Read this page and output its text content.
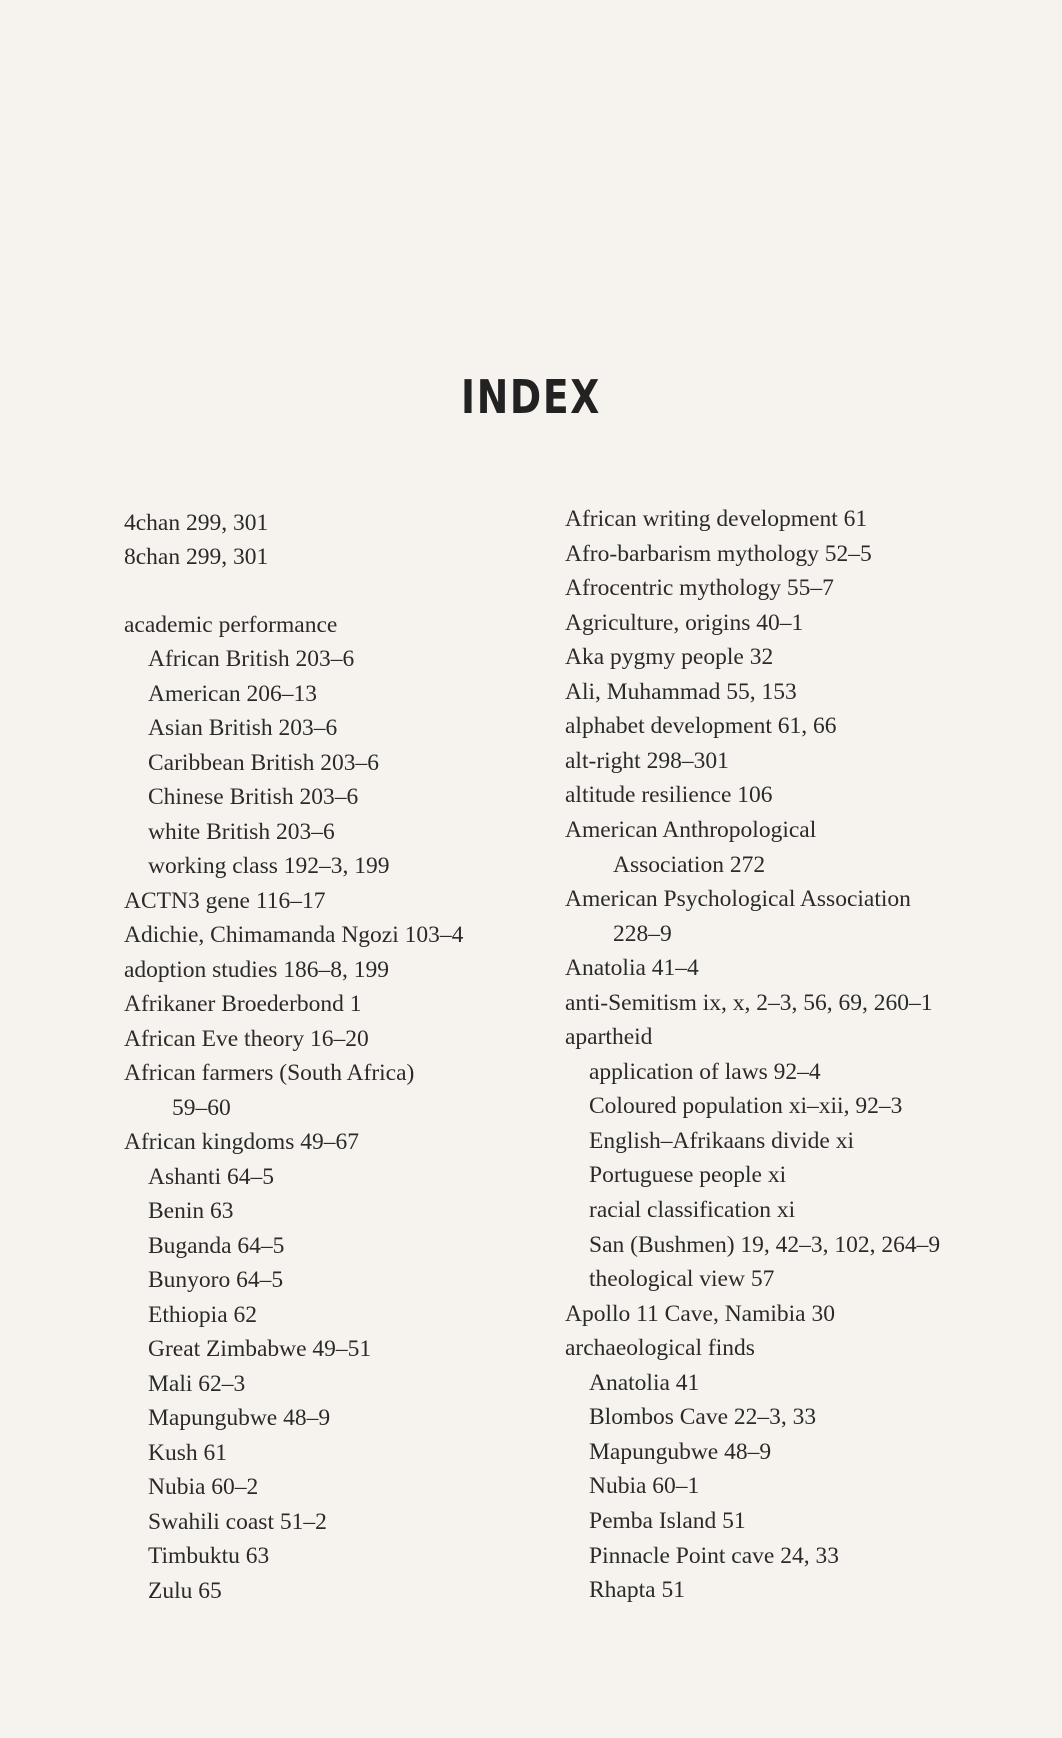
INDEX
4chan 299, 301
8chan 299, 301
academic performance
African British 203–6
American 206–13
Asian British 203–6
Caribbean British 203–6
Chinese British 203–6
white British 203–6
working class 192–3, 199
ACTN3 gene 116–17
Adichie, Chimamanda Ngozi 103–4
adoption studies 186–8, 199
Afrikaner Broederbond 1
African Eve theory 16–20
African farmers (South Africa)
59–60
African kingdoms 49–67
Ashanti 64–5
Benin 63
Buganda 64–5
Bunyoro 64–5
Ethiopia 62
Great Zimbabwe 49–51
Mali 62–3
Mapungubwe 48–9
Kush 61
Nubia 60–2
Swahili coast 51–2
Timbuktu 63
Zulu 65
African writing development 61
Afro-barbarism mythology 52–5
Afrocentric mythology 55–7
Agriculture, origins 40–1
Aka pygmy people 32
Ali, Muhammad 55, 153
alphabet development 61, 66
alt-right 298–301
altitude resilience 106
American Anthropological
Association 272
American Psychological Association
228–9
Anatolia 41–4
anti-Semitism ix, x, 2–3, 56, 69, 260–1
apartheid
application of laws 92–4
Coloured population xi–xii, 92–3
English–Afrikaans divide xi
Portuguese people xi
racial classification xi
San (Bushmen) 19, 42–3, 102, 264–9
theological view 57
Apollo 11 Cave, Namibia 30
archaeological finds
Anatolia 41
Blombos Cave 22–3, 33
Mapungubwe 48–9
Nubia 60–1
Pemba Island 51
Pinnacle Point cave 24, 33
Rhapta 51
